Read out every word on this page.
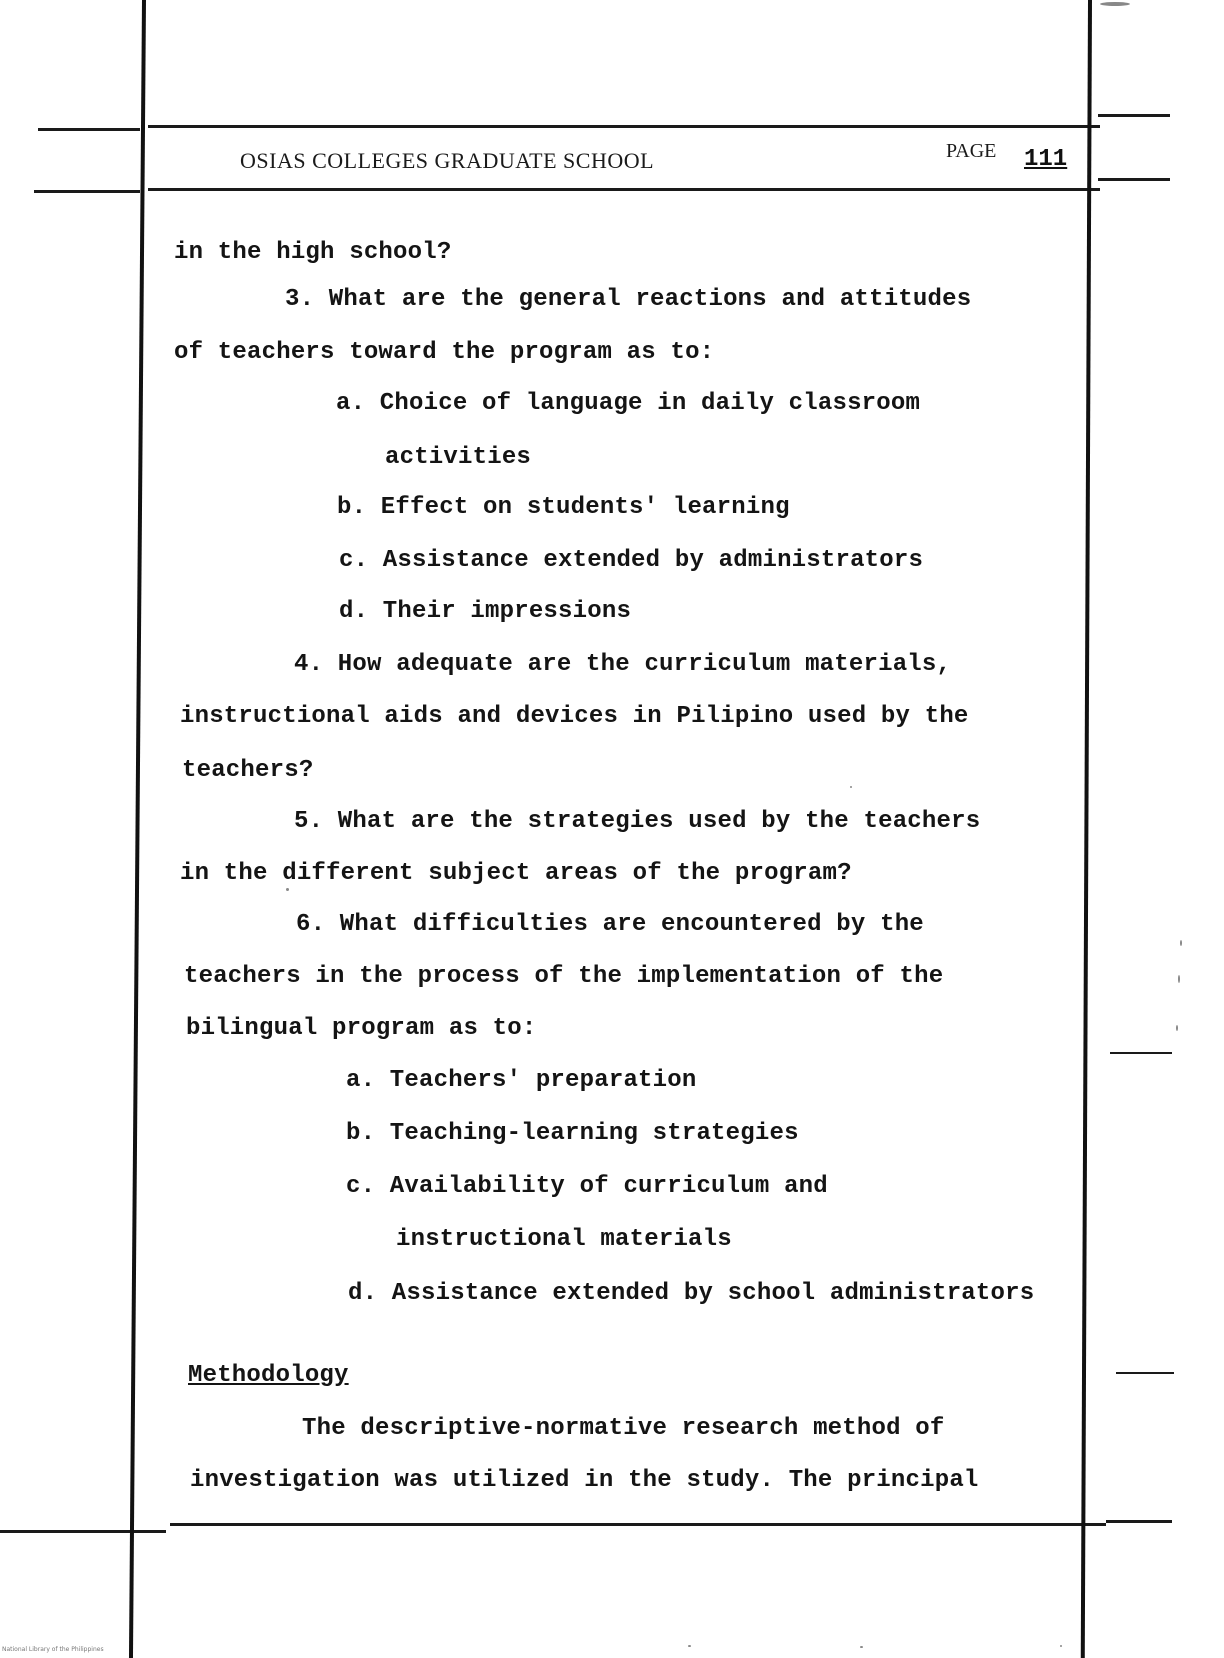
OSIAS COLLEGES GRADUATE SCHOOL	PAGE 111
in the high school?
3. What are the general reactions and attitudes
of teachers toward the program as to:
a. Choice of language in daily classroom
activities
b. Effect on students' learning
c. Assistance extended by administrators
d. Their impressions
4. How adequate are the curriculum materials,
instructional aids and devices in Pilipino used by the
teachers?
5. What are the strategies used by the teachers
in the different subject areas of the program?
6. What difficulties are encountered by the
teachers in the process of the implementation of the
bilingual program as to:
a. Teachers' preparation
b. Teaching-learning strategies
c. Availability of curriculum and
instructional materials
d. Assistance extended by school administrators
Methodology
The descriptive-normative research method of
investigation was utilized in the study. The principal
National Library of the Philippines
